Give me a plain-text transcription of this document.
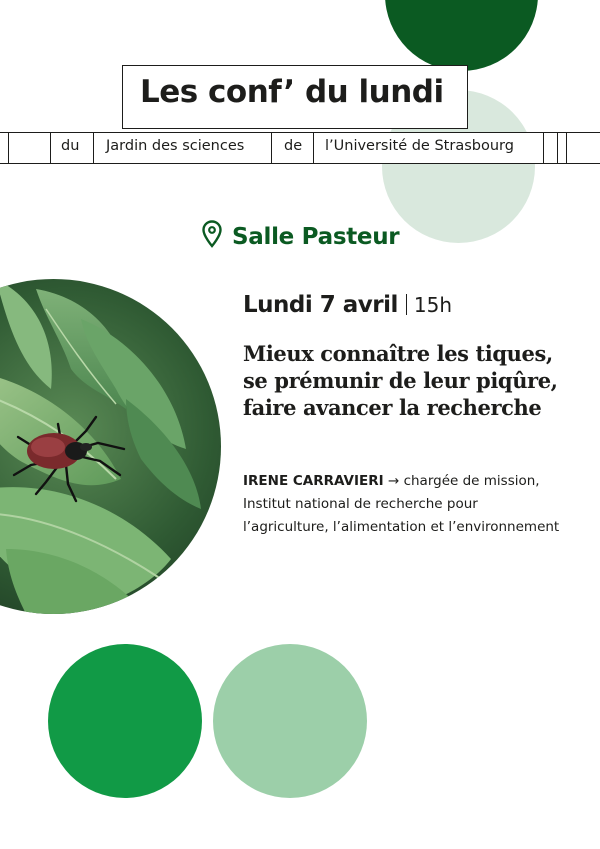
Les conf’ du lundi
du Jardin des sciences	de l’Université de Strasbourg
Salle Pasteur
Lundi 7 avril 15h
Mieux connaître les tiques, se prémunir de leur piqûre, faire avancer la recherche
IRENE CARRAVIERI → chargée de mission, Institut national de recherche pour l’agriculture, l’alimentation et l’environnement
